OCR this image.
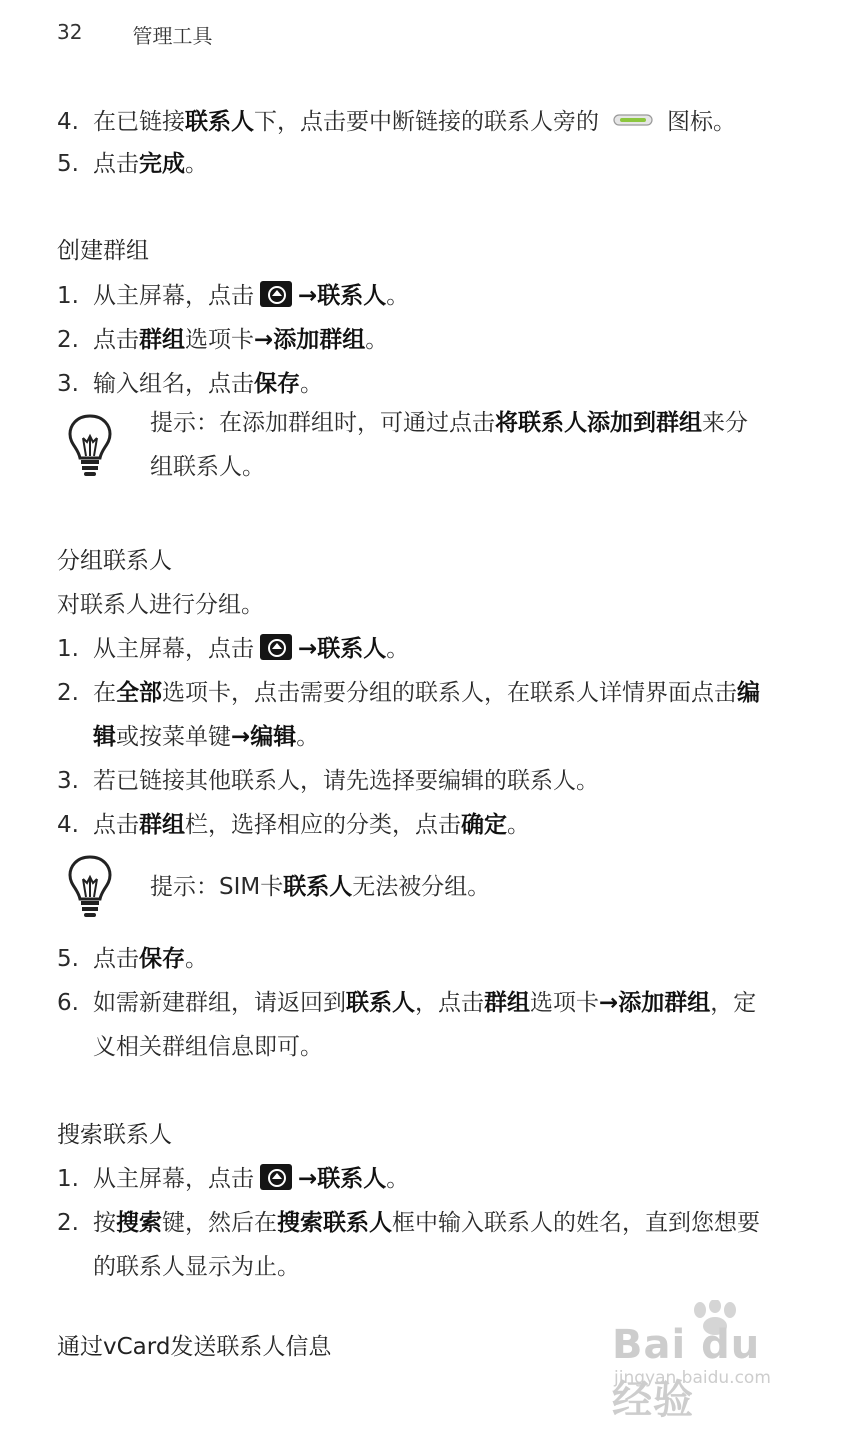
32	管理工具
4. 在已链接联系人下，点击要中断链接的联系人旁的	图标。
5. 点击完成。
创建群组
1. 从主屏幕，点击 →联系人。
2. 点击群组选项卡→添加群组。
3. 输入组名，点击保存。
提示：在添加群组时，可通过点击将联系人添加到群组来分
组联系人。
分组联系人
对联系人进行分组。
1. 从主屏幕，点击 →联系人。
2. 在全部选项卡，点击需要分组的联系人，在联系人详情界面点击编
辑或按菜单键→编辑。
3. 若已链接其他联系人，请先选择要编辑的联系人。
4. 点击群组栏，选择相应的分类，点击确定。
提示：SIM卡联系人无法被分组。
5. 点击保存。
6. 如需新建群组，请返回到联系人，点击群组选项卡→添加群组，定
义相关群组信息即可。
搜索联系人
1. 从主屏幕，点击 →联系人。
2. 按搜索键，然后在搜索联系人框中输入联系人的姓名，直到您想要
的联系人显示为止。
通过vCard发送联系人信息	Bai du 经验
jingyan.baidu.com
